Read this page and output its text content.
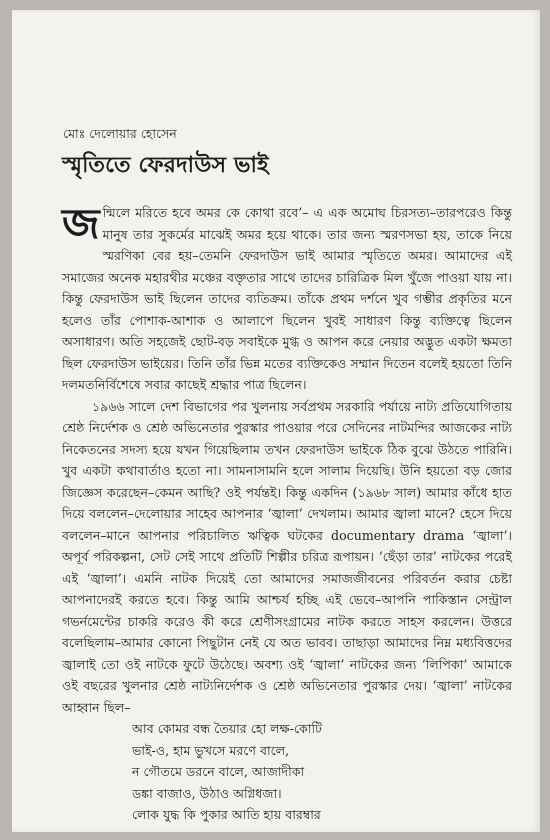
মোঃ দেলোয়ার হোসেন
স্মৃতিতে ফেরদাউস ভাই

জন্মিলে মরিতে হবে অমর কে কোথা রবে’– এ এক অমোঘ চিরসত্য–তারপরেও কিন্তু মানুষ তার সুকর্মের মাঝেই অমর হয়ে থাকে। তার জন্য স্মরণসভা হয়, তাকে নিয়ে স্মরণিকা বের হয়–তেমনি ফেরদাউস ভাই আমার স্মৃতিতে অমর। আমাদের এই সমাজের অনেক মহারথীর মঞ্চের বক্তৃতার সাথে তাদের চারিত্রিক মিল খুঁজে পাওয়া যায় না। কিন্তু ফেরদাউস ভাই ছিলেন তাদের ব্যতিক্রম। তাঁকে প্রথম দর্শনে খুব গম্ভীর প্রকৃতির মনে হলেও তাঁর পোশাক-আশাক ও আলাপে ছিলেন খুবই সাধারণ কিন্তু ব্যক্তিত্বে ছিলেন অসাধারণ। অতি সহজেই ছোট-বড় সবাইকে মুগ্ধ ও আপন করে নেয়ার অদ্ভুত একটা ক্ষমতা ছিল ফেরদাউস ভাইয়ের। তিনি তাঁর ভিন্ন মতের ব্যক্তিকেও সম্মান দিতেন বলেই হয়তো তিনি দলমতনির্বিশেষে সবার কাছেই শ্রদ্ধার পাত্র ছিলেন।

১৯৬৬ সালে দেশ বিভাগের পর খুলনায় সর্বপ্রথম সরকারি পর্যায়ে নাট্য প্রতিযোগিতায় শ্রেষ্ঠ নির্দেশক ও শ্রেষ্ঠ অভিনেতার পুরস্কার পাওয়ার পরে সেদিনের নাটমন্দির আজকের নাট্য নিকেতনের সদস্য হয়ে যখন গিয়েছিলাম তখন ফেরদাউস ভাইকে ঠিক বুঝে উঠতে পারিনি। খুব একটা কথাবার্তাও হতো না। সামনাসামনি হলে সালাম দিয়েছি। উনি হয়তো বড় জোর জিজ্ঞেস করেছেন–কেমন আছি? ওই পর্যন্তই। কিন্তু একদিন (১৯৬৮ সাল) আমার কাঁধে হাত দিয়ে বললেন–দেলোয়ার সাহেব আপনার ‘জ্বালা’ দেখলাম। আমার জ্বালা মানে? হেসে দিয়ে বললেন–মানে আপনার পরিচালিত ঋত্বিক ঘটকের documentary drama ‘জ্বালা’। অপূর্ব পরিকল্পনা, সেট সেই সাথে প্রতিটি শিল্পীর চরিত্র রূপায়ন। ‘ছেঁড়া তার’ নাটকের পরেই এই ‘জ্বালা’। এমনি নাটক দিয়েই তো আমাদের সমাজজীবনের পরিবর্তন করার চেষ্টা আপনাদেরই করতে হবে। কিন্তু আমি আশ্চর্য হচ্ছি এই ভেবে–আপনি পাকিস্তান সেন্ট্রাল গভর্নমেন্টের চাকরি করেও কী করে শ্রেণীসংগ্রামের নাটক করতে সাহস করলেন। উত্তরে বলেছিলাম–আমার কোনো পিছুটান নেই যে অত ভাবব। তাছাড়া আমাদের নিম্ন মধ্যবিত্তদের জ্বালাই তো ওই নাটকে ফুটে উঠেছে। অবশ্য ওই ‘জ্বালা’ নাটকের জন্য ‘লিপিকা’ আমাকে ওই বছরের খুলনার শ্রেষ্ঠ নাট্যনির্দেশক ও শ্রেষ্ঠ অভিনেতার পুরস্কার দেয়। ‘জ্বালা’ নাটকের আহ্বান ছিল–

আব কোমর বন্ধ তৈয়ার হো লক্ষ-কোটি
ভাই-ও, হাম ভুখসে মরণে বালে,
ন গৌতমে ডরনে বালে, আজাদীকা
ডঙ্কা বাজাও, উঠাও অগ্নিধজা।
লোক যুদ্ধ কি পুকার আতি হায় বারম্বার
